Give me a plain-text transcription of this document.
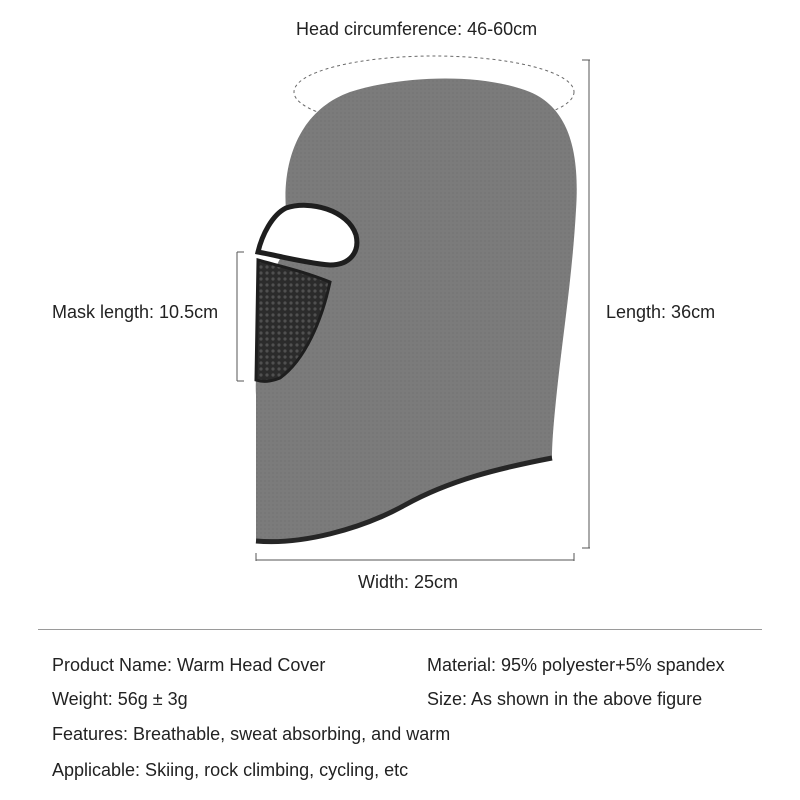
Head circumference: 46-60cm
Mask length: 10.5cm	Length: 36cm
Width: 25cm
Product Name: Warm Head Cover	Material: 95% polyester+5% spandex
Weight: 56g ± 3g	Size: As shown in the above figure
Features: Breathable, sweat absorbing, and warm
Applicable: Skiing, rock climbing, cycling, etc
